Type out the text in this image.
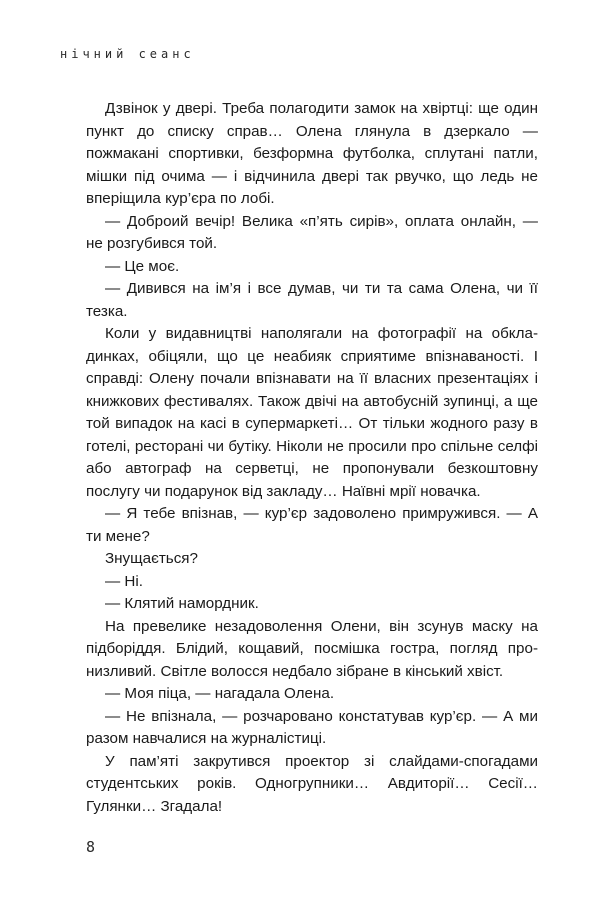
нічний сеанс

Дзвінок у двері. Треба полагодити замок на хвіртці: ще один пункт до списку справ… Олена глянула в дзеркало — пожмакані спортивки, безформна футболка, сплутані патли, мішки під очима — і відчинила двері так рвучко, що ледь не вперіщила кур’єра по лобі.

— Доброий вечір! Велика «п’ять сирів», оплата онлайн, — не розгубився той.

— Це моє.

— Дивився на ім’я і все думав, чи ти та сама Олена, чи її тезка.

Коли у видавництві наполягали на фотографії на обкладинках, обіцяли, що це неабияк сприятиме впізнаваності. І справді: Олену почали впізнавати на її власних презентаціях і книжкових фестивалях. Також двічі на автобусній зупинці, а ще той випадок на касі в супермаркеті… От тільки жодного разу в готелі, ресторані чи бутіку. Ніколи не просили про спільне селфі або автограф на серветці, не пропонували безкоштовну послугу чи подарунок від закладу… Наївні мрії новачка.

— Я тебе впізнав, — кур’єр задоволено примружився. — А ти мене?

Знущається?

— Ні.

— Клятий намордник.

На превелике незадоволення Олени, він зсунув маску на підборіддя. Блідий, кощавий, посмішка гостра, погляд пронизливий. Світле волосся недбало зібране в кінський хвіст.

— Моя піца, — нагадала Олена.

— Не впізнала, — розчаровано констатував кур’єр. — А ми разом навчалися на журналістиці.

У пам’яті закрутився проектор зі слайдами-спогадами студентських років. Одногрупники… Авдиторії… Сесії… Гулянки… Згадала!

8
